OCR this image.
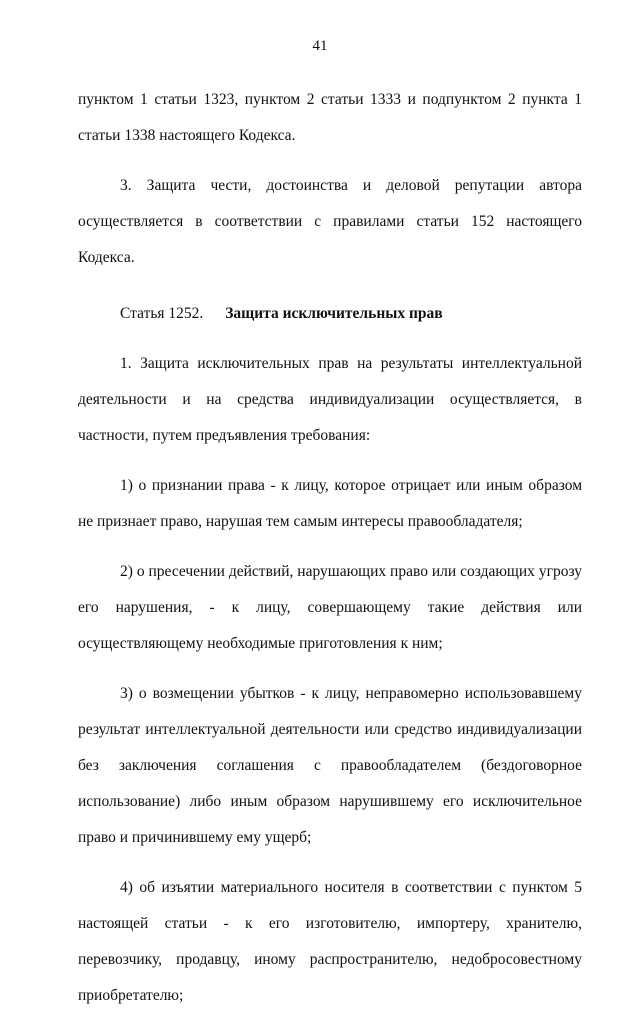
41

пунктом 1 статьи 1323, пунктом 2 статьи 1333 и подпунктом 2 пункта 1 статьи 1338 настоящего Кодекса.

3. Защита чести, достоинства и деловой репутации автора осуществляется в соответствии с правилами статьи 152 настоящего Кодекса.

Статья 1252. Защита исключительных прав

1. Защита исключительных прав на результаты интеллектуальной деятельности и на средства индивидуализации осуществляется, в частности, путем предъявления требования:

1) о признании права - к лицу, которое отрицает или иным образом не признает право, нарушая тем самым интересы правообладателя;

2) о пресечении действий, нарушающих право или создающих угрозу его нарушения, - к лицу, совершающему такие действия или осуществляющему необходимые приготовления к ним;

3) о возмещении убытков - к лицу, неправомерно использовавшему результат интеллектуальной деятельности или средство индивидуализации без заключения соглашения с правообладателем (бездоговорное использование) либо иным образом нарушившему его исключительное право и причинившему ему ущерб;

4) об изъятии материального носителя в соответствии с пунктом 5 настоящей статьи - к его изготовителю, импортеру, хранителю, перевозчику, продавцу, иному распространителю, недобросовестному приобретателю;
